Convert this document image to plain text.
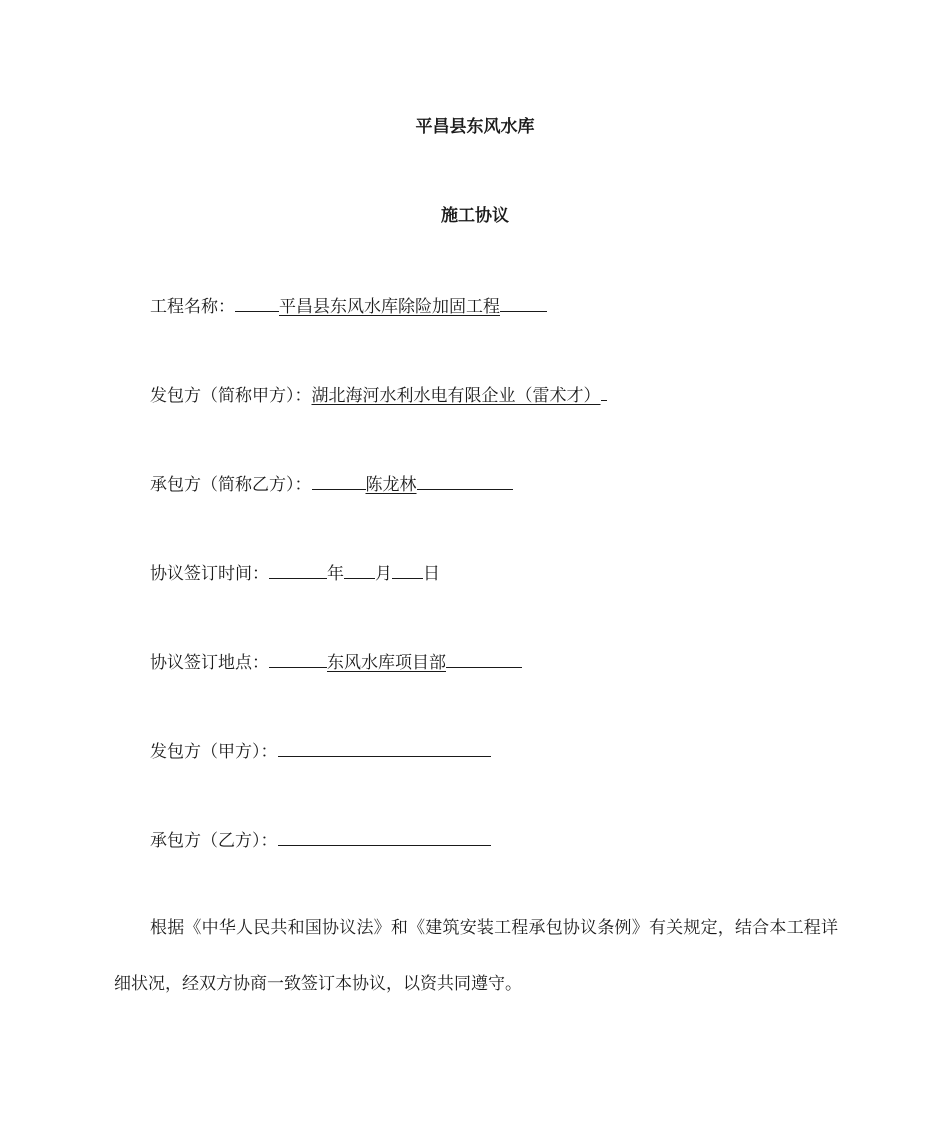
平昌县东风水库
施工协议
工程名称：	平昌县东风水库除险加固工程
发包方（简称甲方）：湖北海河水利水电有限企业（雷术才）
承包方（简称乙方）：	陈龙林
协议签订时间：	年 月 日
协议签订地点：	东风水库项目部
发包方（甲方）：
承包方（乙方）：
根据《中华人民共和国协议法》和《建筑安装工程承包协议条例》有关规定，结合本工程详细状况，经双方协商一致签订本协议，以资共同遵守。
